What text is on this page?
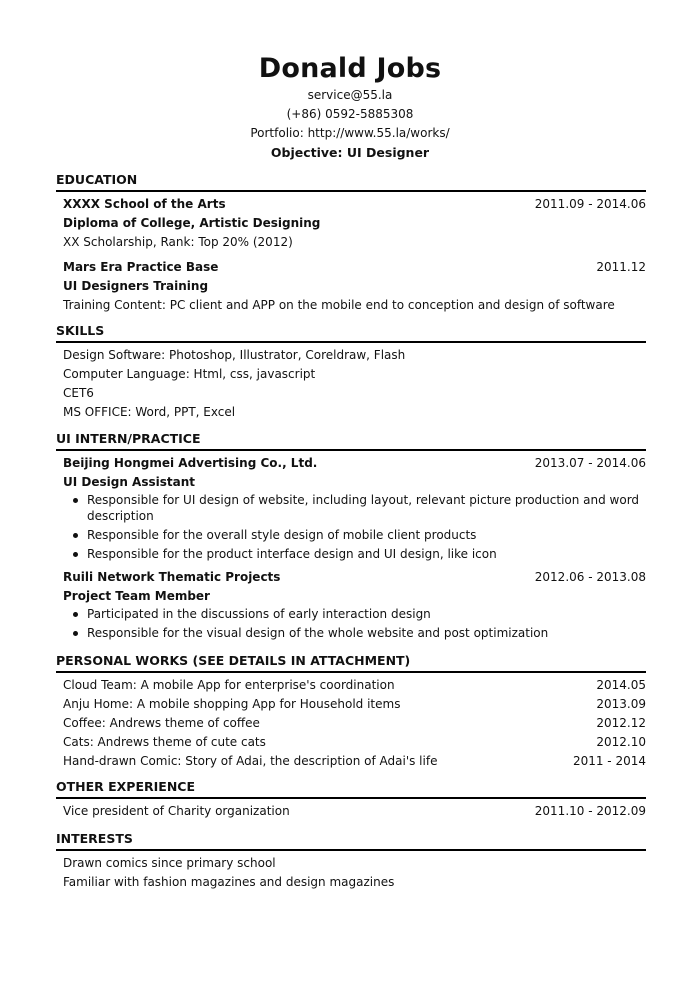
Donald Jobs
service@55.la
(+86) 0592-5885308
Portfolio: http://www.55.la/works/
Objective: UI Designer
EDUCATION
XXXX School of the Arts	2011.09 - 2014.06
Diploma of College, Artistic Designing
XX Scholarship, Rank: Top 20% (2012)
Mars Era Practice Base	2011.12
UI Designers Training
Training Content: PC client and APP on the mobile end to conception and design of software
SKILLS
Design Software: Photoshop, Illustrator, Coreldraw, Flash
Computer Language: Html, css, javascript
CET6
MS OFFICE: Word, PPT, Excel
UI INTERN/PRACTICE
Beijing Hongmei Advertising Co., Ltd.	2013.07 - 2014.06
UI Design Assistant
Responsible for UI design of website, including layout, relevant picture production and word description
Responsible for the overall style design of mobile client products
Responsible for the product interface design and UI design, like icon
Ruili Network Thematic Projects	2012.06 - 2013.08
Project Team Member
Participated in the discussions of early interaction design
Responsible for the visual design of the whole website and post optimization
PERSONAL WORKS (SEE DETAILS IN ATTACHMENT)
Cloud Team: A mobile App for enterprise's coordination	2014.05
Anju Home: A mobile shopping App for Household items	2013.09
Coffee: Andrews theme of coffee	2012.12
Cats: Andrews theme of cute cats	2012.10
Hand-drawn Comic: Story of Adai, the description of Adai's life	2011 - 2014
OTHER EXPERIENCE
Vice president of Charity organization	2011.10 - 2012.09
INTERESTS
Drawn comics since primary school
Familiar with fashion magazines and design magazines
